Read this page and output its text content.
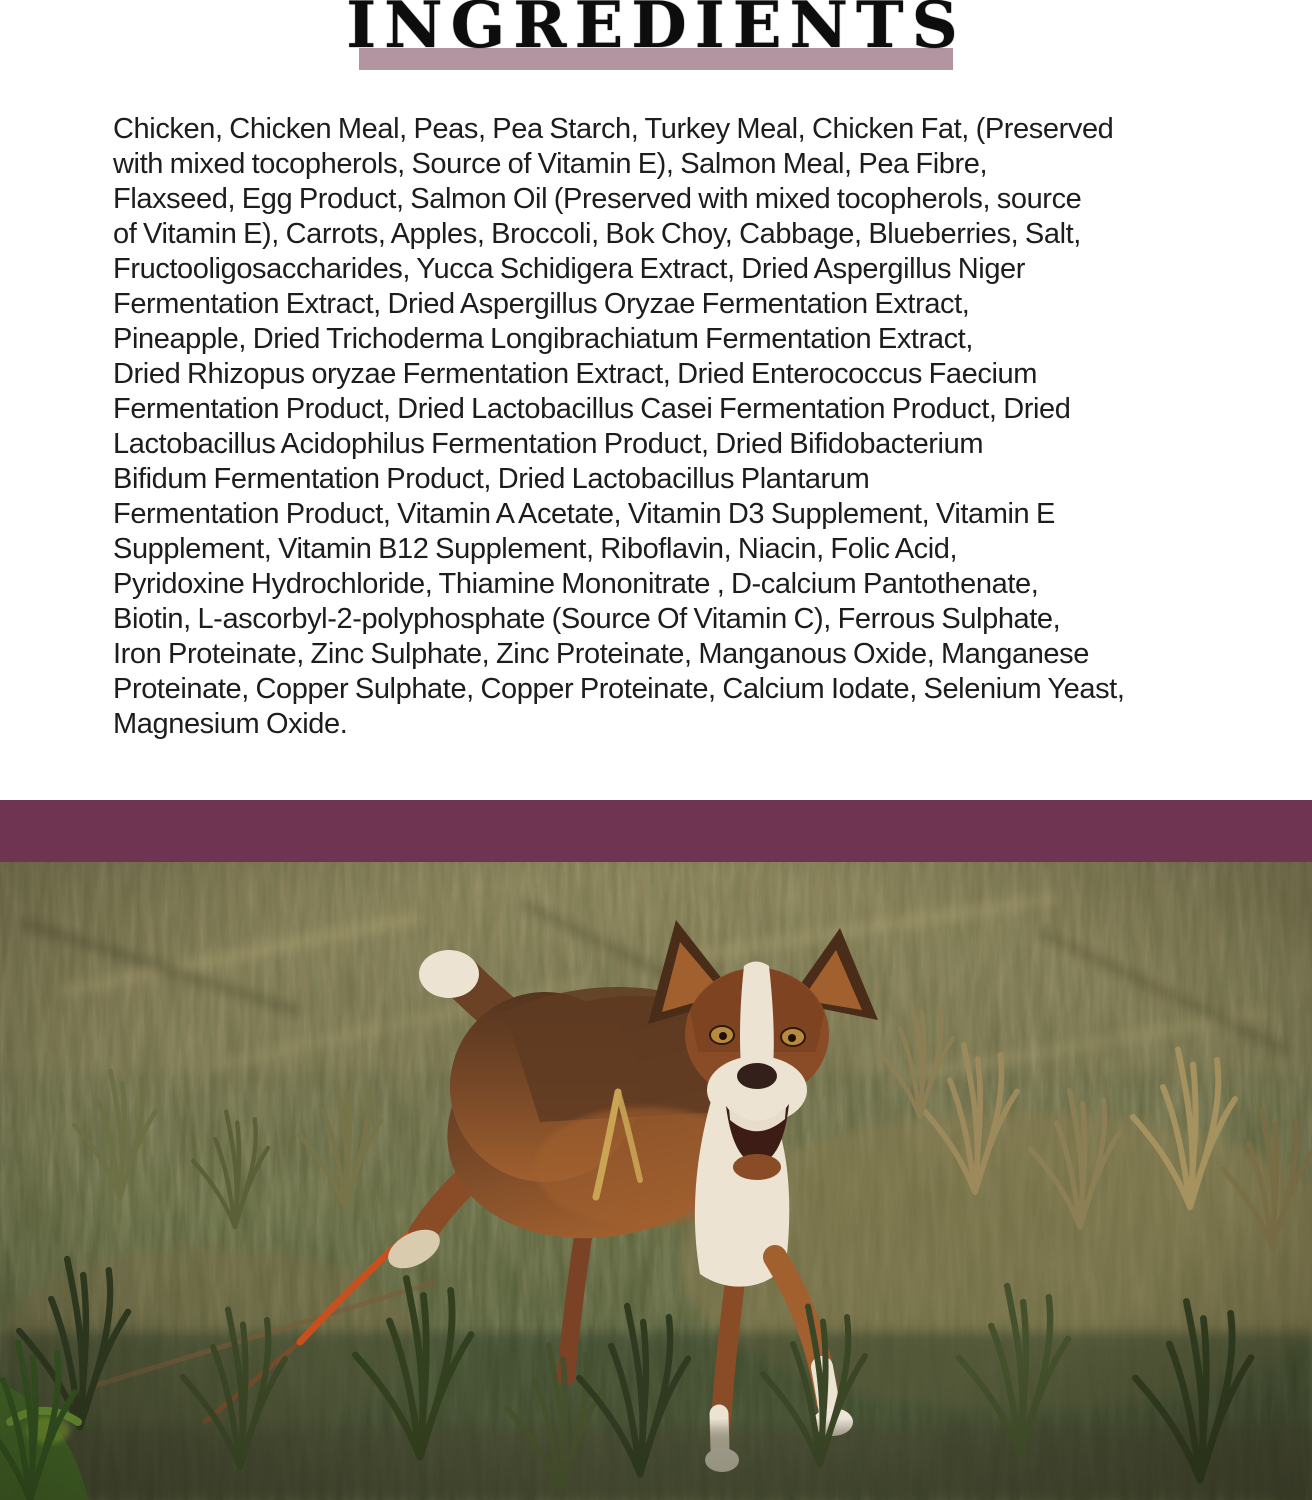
INGREDIENTS
Chicken, Chicken Meal, Peas, Pea Starch, Turkey Meal, Chicken Fat, (Preserved
with mixed tocopherols, Source of Vitamin E), Salmon Meal, Pea Fibre,
Flaxseed, Egg Product, Salmon Oil (Preserved with mixed tocopherols, source
of Vitamin E), Carrots, Apples, Broccoli, Bok Choy, Cabbage, Blueberries, Salt,
Fructooligosaccharides, Yucca Schidigera Extract, Dried Aspergillus Niger
Fermentation Extract, Dried Aspergillus Oryzae Fermentation Extract,
Pineapple, Dried Trichoderma Longibrachiatum Fermentation Extract,
Dried Rhizopus oryzae Fermentation Extract, Dried Enterococcus Faecium
Fermentation Product, Dried Lactobacillus Casei Fermentation Product, Dried
Lactobacillus Acidophilus Fermentation Product, Dried Bifidobacterium
Bifidum Fermentation Product, Dried Lactobacillus Plantarum
Fermentation Product, Vitamin A Acetate, Vitamin D3 Supplement, Vitamin E
Supplement, Vitamin B12 Supplement, Riboflavin, Niacin, Folic Acid,
Pyridoxine Hydrochloride, Thiamine Mononitrate , D-calcium Pantothenate,
Biotin, L-ascorbyl-2-polyphosphate (Source Of Vitamin C), Ferrous Sulphate,
Iron Proteinate, Zinc Sulphate, Zinc Proteinate, Manganous Oxide, Manganese
Proteinate, Copper Sulphate, Copper Proteinate, Calcium Iodate, Selenium Yeast,
Magnesium Oxide.
